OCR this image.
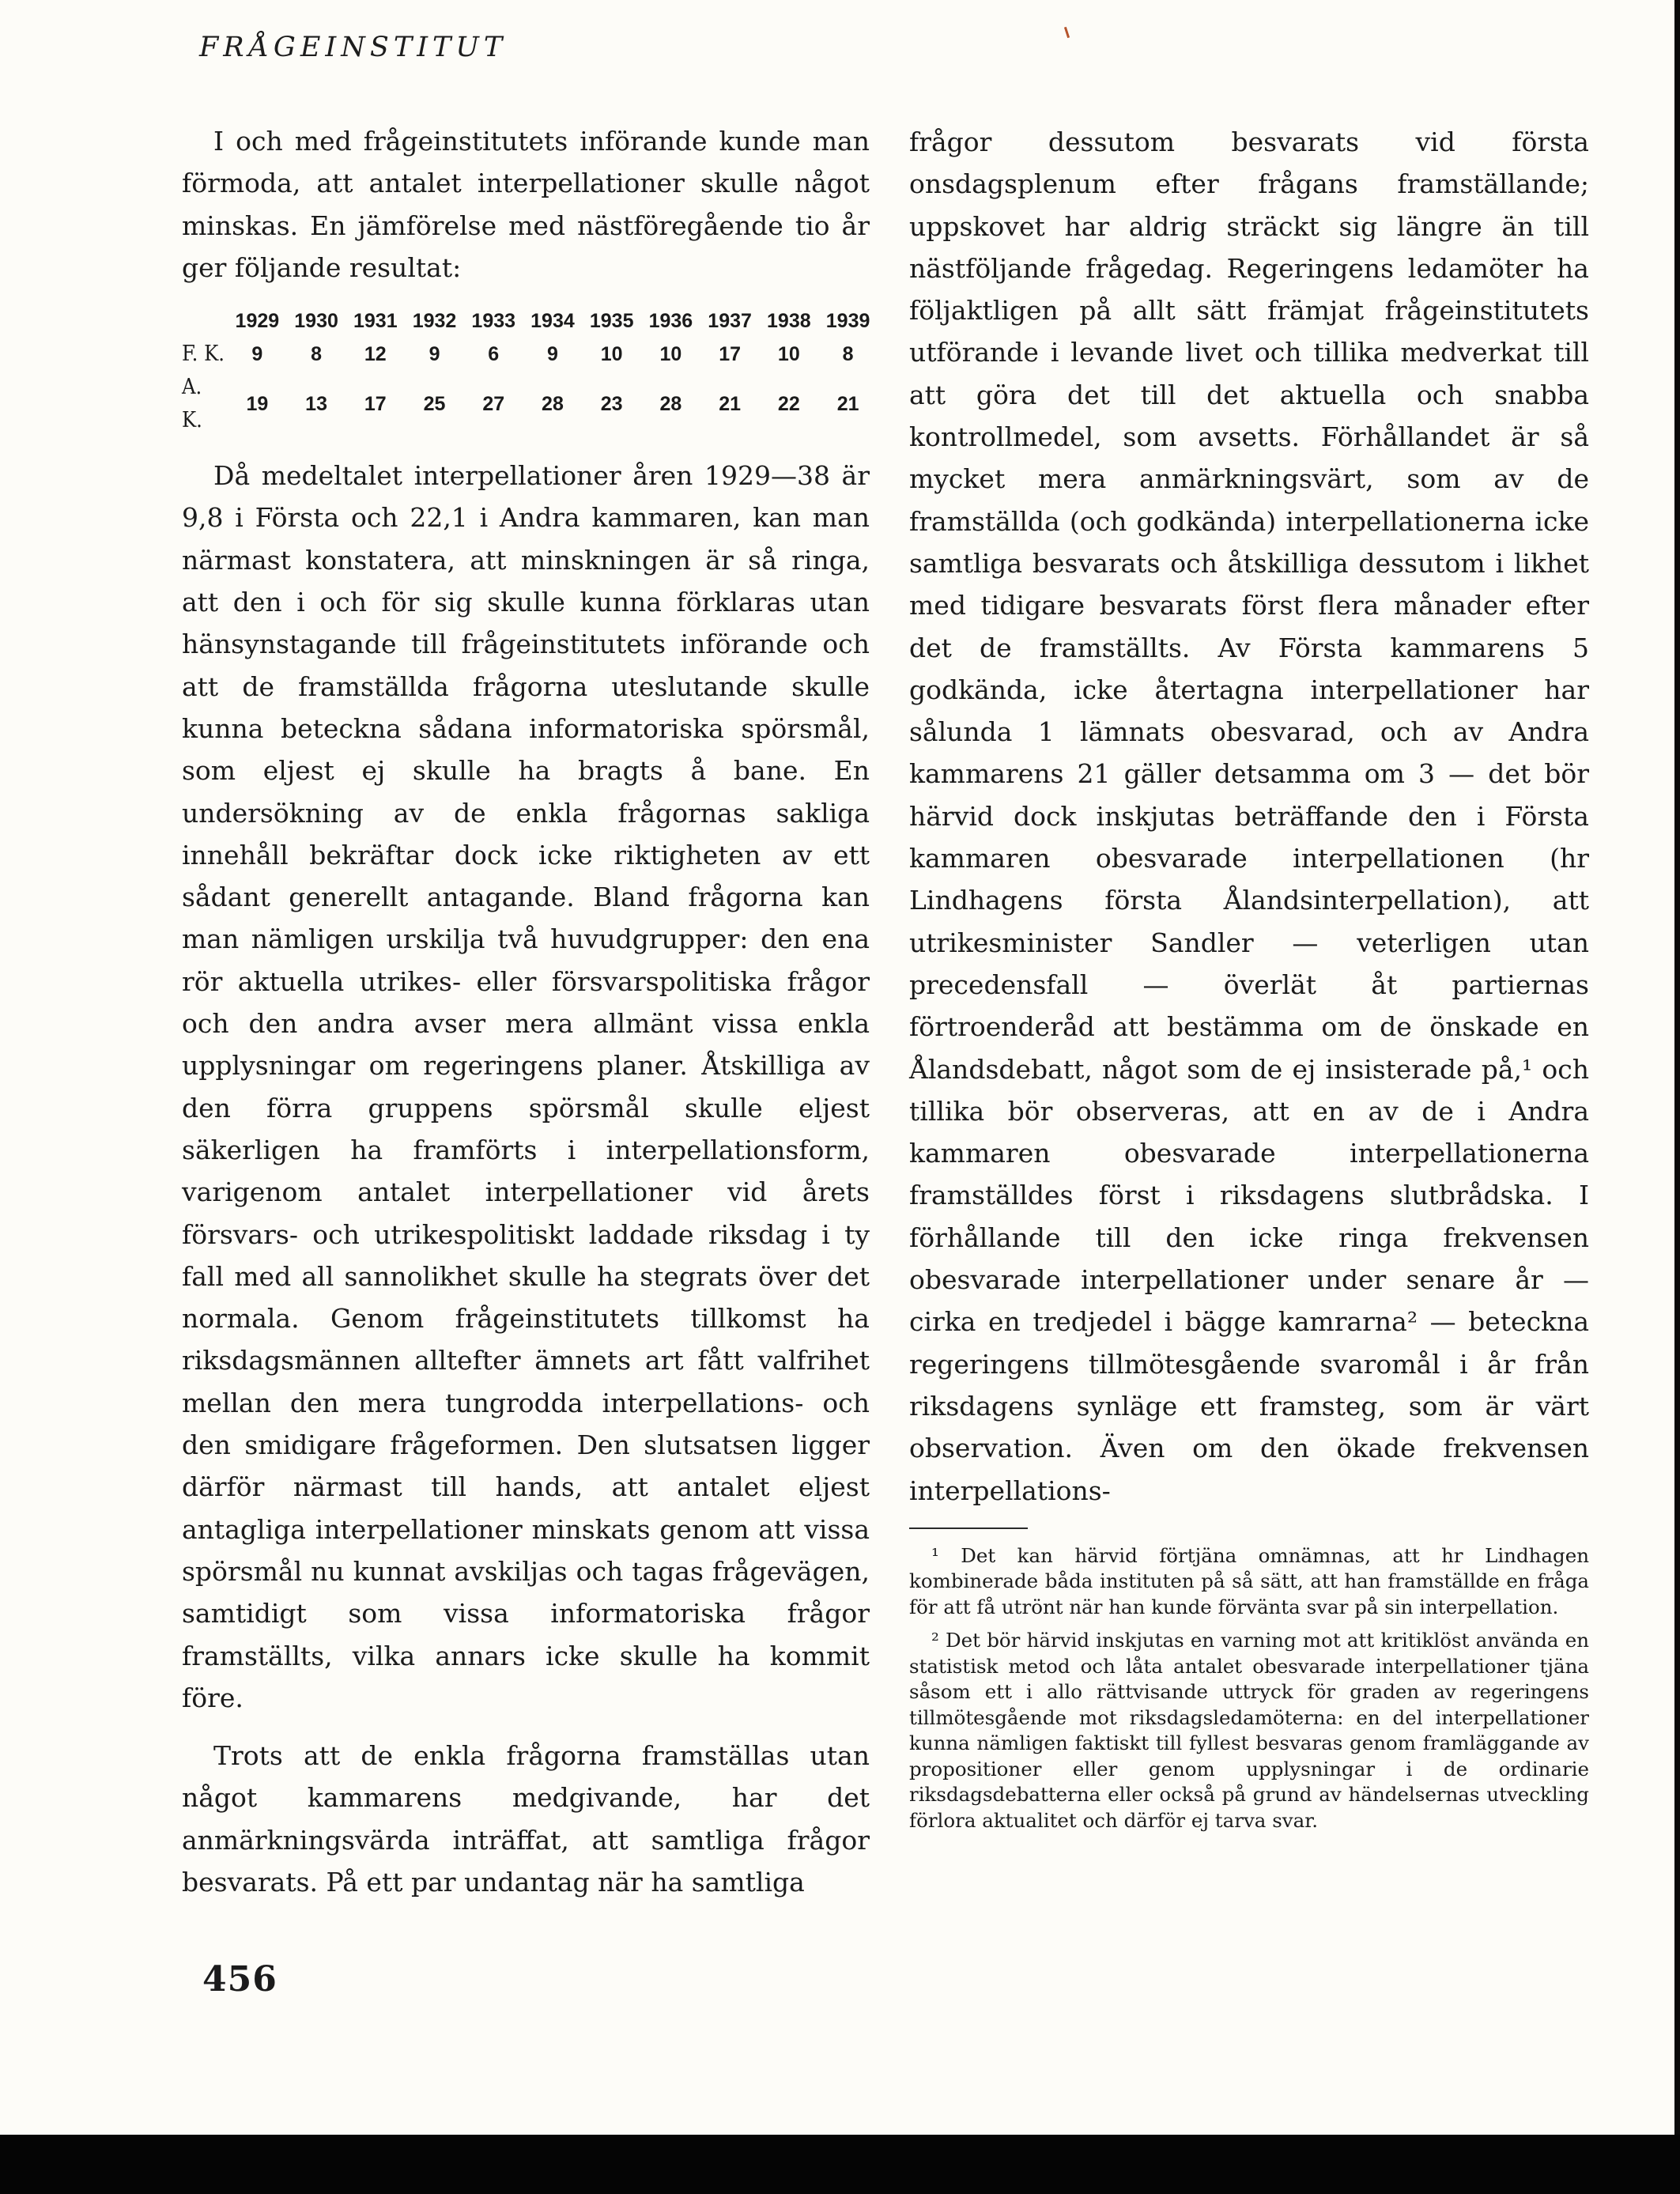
FRÅGEINSTITUT

I och med frågeinstitutets införande kunde man förmoda, att antalet interpellationer skulle något minskas. En jämförelse med nästföregående tio år ger följande resultat:

	1929	1930	1931	1932	1933	1934	1935	1936	1937	1938	1939
F. K.	9	8	12	9	6	9	10	10	17	10	8
A. K.	19	13	17	25	27	28	23	28	21	22	21

Då medeltalet interpellationer åren 1929—38 är 9,8 i Första och 22,1 i Andra kammaren, kan man närmast konstatera, att minskningen är så ringa, att den i och för sig skulle kunna förklaras utan hänsynstagande till frågeinstitutets införande och att de framställda frågorna uteslutande skulle kunna beteckna sådana informatoriska spörsmål, som eljest ej skulle ha bragts å bane. En undersökning av de enkla frågornas sakliga innehåll bekräftar dock icke riktigheten av ett sådant generellt antagande. Bland frågorna kan man nämligen urskilja två huvudgrupper: den ena rör aktuella utrikes- eller försvarspolitiska frågor och den andra avser mera allmänt vissa enkla upplysningar om regeringens planer. Åtskilliga av den förra gruppens spörsmål skulle eljest säkerligen ha framförts i interpellationsform, varigenom antalet interpellationer vid årets försvars- och utrikespolitiskt laddade riksdag i ty fall med all sannolikhet skulle ha stegrats över det normala. Genom frågeinstitutets tillkomst ha riksdagsmännen alltefter ämnets art fått valfrihet mellan den mera tungrodda interpellations- och den smidigare frågeformen. Den slutsatsen ligger därför närmast till hands, att antalet eljest antagliga interpellationer minskats genom att vissa spörsmål nu kunnat avskiljas och tagas frågevägen, samtidigt som vissa informatoriska frågor framställts, vilka annars icke skulle ha kommit före.

Trots att de enkla frågorna framställas utan något kammarens medgivande, har det anmärkningsvärda inträffat, att samtliga frågor besvarats. På ett par undantag när ha samtliga

frågor dessutom besvarats vid första onsdagsplenum efter frågans framställande; uppskovet har aldrig sträckt sig längre än till nästföljande frågedag. Regeringens ledamöter ha följaktligen på allt sätt främjat frågeinstitutets utförande i levande livet och tillika medverkat till att göra det till det aktuella och snabba kontrollmedel, som avsetts. Förhållandet är så mycket mera anmärkningsvärt, som av de framställda (och godkända) interpellationerna icke samtliga besvarats och åtskilliga dessutom i likhet med tidigare besvarats först flera månader efter det de framställts. Av Första kammarens 5 godkända, icke återtagna interpellationer har sålunda 1 lämnats obesvarad, och av Andra kammarens 21 gäller detsamma om 3 — det bör härvid dock inskjutas beträffande den i Första kammaren obesvarade interpellationen (hr Lindhagens första Ålandsinterpellation), att utrikesminister Sandler — veterligen utan precedensfall — överlät åt partiernas förtroenderåd att bestämma om de önskade en Ålandsdebatt, något som de ej insisterade på,¹ och tillika bör observeras, att en av de i Andra kammaren obesvarade interpellationerna framställdes först i riksdagens slutbrådska. I förhållande till den icke ringa frekvensen obesvarade interpellationer under senare år — cirka en tredjedel i bägge kamrarna² — beteckna regeringens tillmötesgående svaromål i år från riksdagens synläge ett framsteg, som är värt observation. Även om den ökade frekvensen interpellations-

¹ Det kan härvid förtjäna omnämnas, att hr Lindhagen kombinerade båda instituten på så sätt, att han framställde en fråga för att få utrönt när han kunde förvänta svar på sin interpellation.

² Det bör härvid inskjutas en varning mot att kritiklöst använda en statistisk metod och låta antalet obesvarade interpellationer tjäna såsom ett i allo rättvisande uttryck för graden av regeringens tillmötesgående mot riksdagsledamöterna: en del interpellationer kunna nämligen faktiskt till fyllest besvaras genom framläggande av propositioner eller genom upplysningar i de ordinarie riksdagsdebatterna eller också på grund av händelsernas utveckling förlora aktualitet och därför ej tarva svar.

456
